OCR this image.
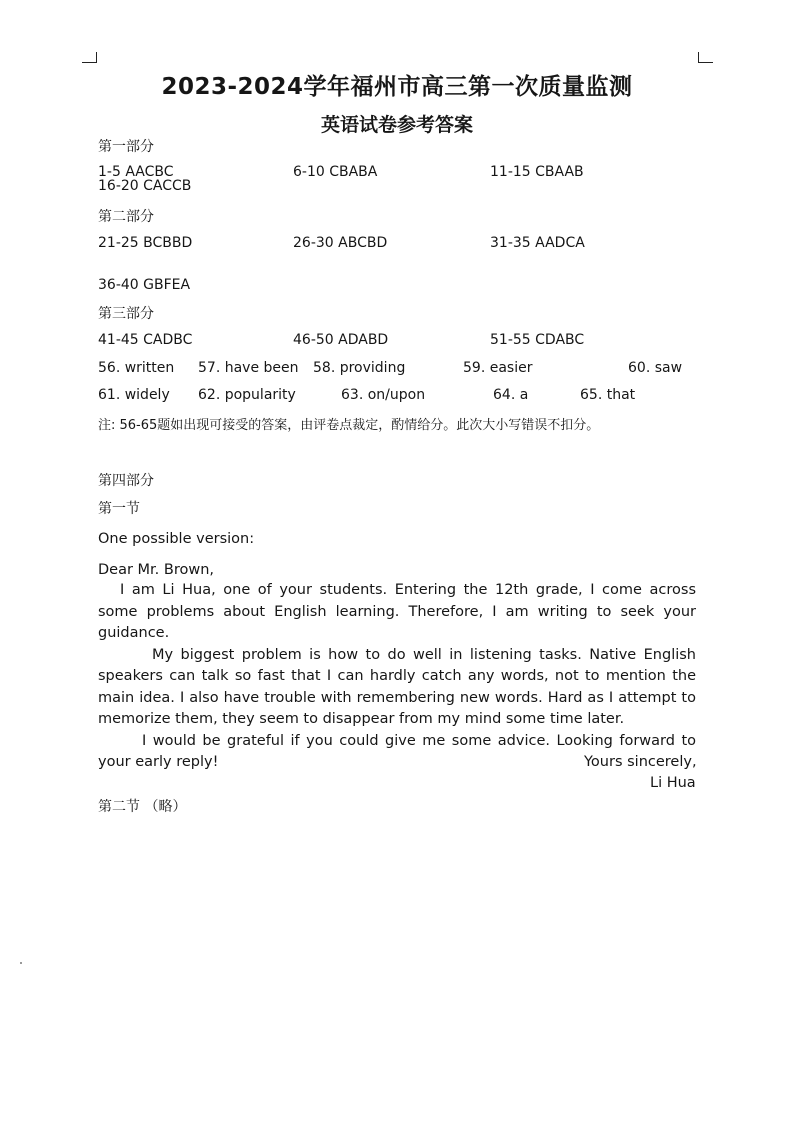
2023-2024学年福州市高三第一次质量监测
英语试卷参考答案
第一部分
1-5 AACBC	6-10 CBABA	11-15 CBAAB
16-20 CACCB
第二部分
21-25 BCBBD	26-30 ABCBD	31-35 AADCA
36-40 GBFEA
第三部分
41-45 CADBC	46-50 ADABD	51-55 CDABC
56. written 57. have been 58. providing	59. easier	60. saw
61. widely 62. popularity	63. on/upon	64. a	65. that
注: 56-65题如出现可接受的答案，由评卷点裁定，酌情给分。此次大小写错误不扣分。
第四部分
第一节
One possible version:
Dear Mr. Brown,

I am Li Hua, one of your students. Entering the 12th grade, I come across some problems about English learning. Therefore, I am writing to seek your guidance.

My biggest problem is how to do well in listening tasks. Native English speakers can talk so fast that I can hardly catch any words, not to mention the main idea. I also have trouble with remembering new words. Hard as I attempt to memorize them, they seem to disappear from my mind some time later.

I would be grateful if you could give me some advice. Looking forward to your early reply!	Yours sincerely,
Li Hua
第二节 （略）
